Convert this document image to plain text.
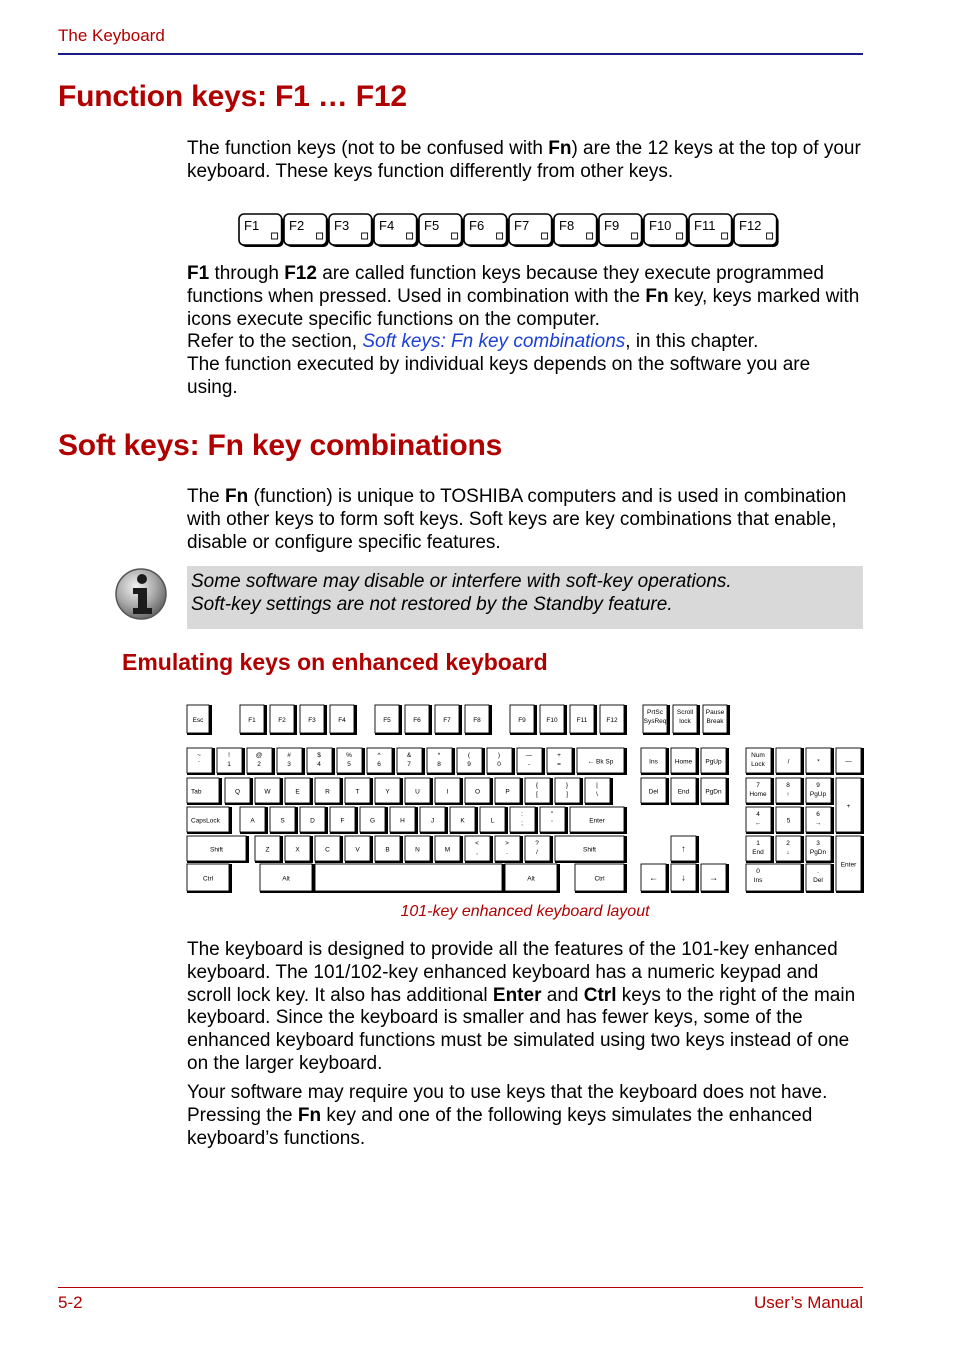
The Keyboard
Function keys: F1 … F12

The function keys (not to be confused with Fn) are the 12 keys at the top of your keyboard. These keys function differently from other keys.

F1 F2 F3 F4 F5 F6 F7 F8 F9 F10 F11 F12

F1 through F12 are called function keys because they execute programmed functions when pressed. Used in combination with the Fn key, keys marked with icons execute specific functions on the computer.
Refer to the section, Soft keys: Fn key combinations, in this chapter.
The function executed by individual keys depends on the software you are using.

Soft keys: Fn key combinations

The Fn (function) is unique to TOSHIBA computers and is used in combination with other keys to form soft keys. Soft keys are key combinations that enable, disable or configure specific features.

Some software may disable or interfere with soft-key operations.
Soft-key settings are not restored by the Standby feature.

Emulating keys on enhanced keyboard
Esc	F1	F2	F3	F4	F5	F6	F7	F8	F9	F10	F11	F12
PrtSc
SysReq
Scroll
lock
Pause
Break
~
`
!
1
@
2
#
3
$
4
%
5
^
6
&
7
*
8
(
9
)
0
—
-
+
=	← Bk Sp
Tab	Q	W	E	R	T	Y	U	I	O	P
{
[
}
]
|
\
CapsLock	A	S	D	F	G	H	J	K	L
:
;
"
'	Enter
Shift	Z	X	C	V	B	N	M
<
,
>
.
?
/	Shift
Ctrl	Alt	Alt	Ctrl
Ins	Home PgUp
Del	End PgDn
↑
←	↓	→
Num
Lock	/	*	—
7
Home
8
↑
9
PgUp
+
4
←	5
6
→
1
End
2
↓
3
PgDn
Enter
0
Ins
.
Del
101-key enhanced keyboard layout

The keyboard is designed to provide all the features of the 101-key enhanced keyboard. The 101/102-key enhanced keyboard has a numeric keypad and scroll lock key. It also has additional Enter and Ctrl keys to the right of the main keyboard. Since the keyboard is smaller and has fewer keys, some of the enhanced keyboard functions must be simulated using two keys instead of one on the larger keyboard.

Your software may require you to use keys that the keyboard does not have. Pressing the Fn key and one of the following keys simulates the enhanced keyboard’s functions.

5-2	User’s Manual
